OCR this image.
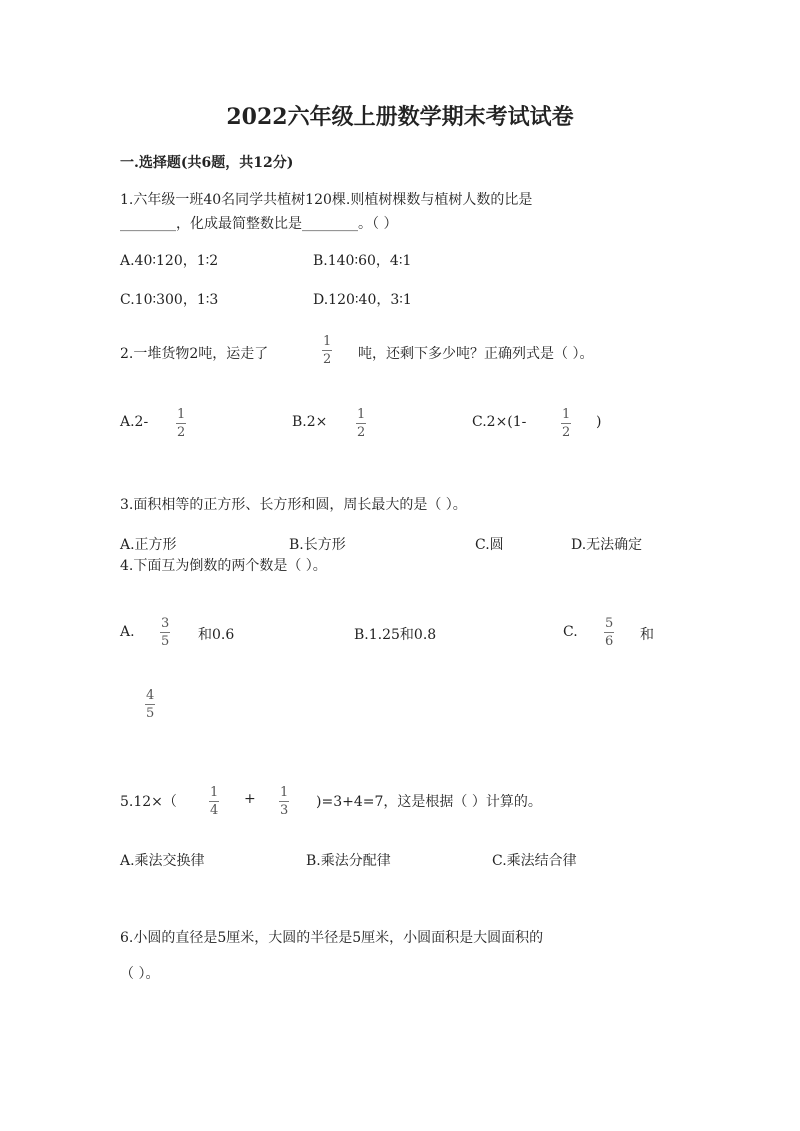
2022六年级上册数学期末考试试卷
一.选择题(共6题，共12分)
1.六年级一班40名同学共植树120棵.则植树棵数与植树人数的比是
________，化成最简整数比是________。（ ）
A.40∶120，1∶2	B.140∶60，4∶1
C.10∶300，1∶3	D.120∶40，3∶1
2.一堆货物2吨，运走了
1
2 吨，还剩下多少吨？正确列式是（ ）。
A.2- 1
2
B.2× 1
2
C.2×(1-	1
2
)
3.面积相等的正方形、长方形和圆，周长最大的是（ ）。
A.正方形	B.长方形	C.圆	D.无法确定
4.下面互为倒数的两个数是（ ）。
A.
3
5 和0.6	B.1.25和0.8	C.
5
6 和
4
5
5.12×（
1
4
+ 1
3
)=3+4=7，这是根据（ ）计算的。
A.乘法交换律	B.乘法分配律	C.乘法结合律
6.小圆的直径是5厘米，大圆的半径是5厘米，小圆面积是大圆面积的
（ ）。
